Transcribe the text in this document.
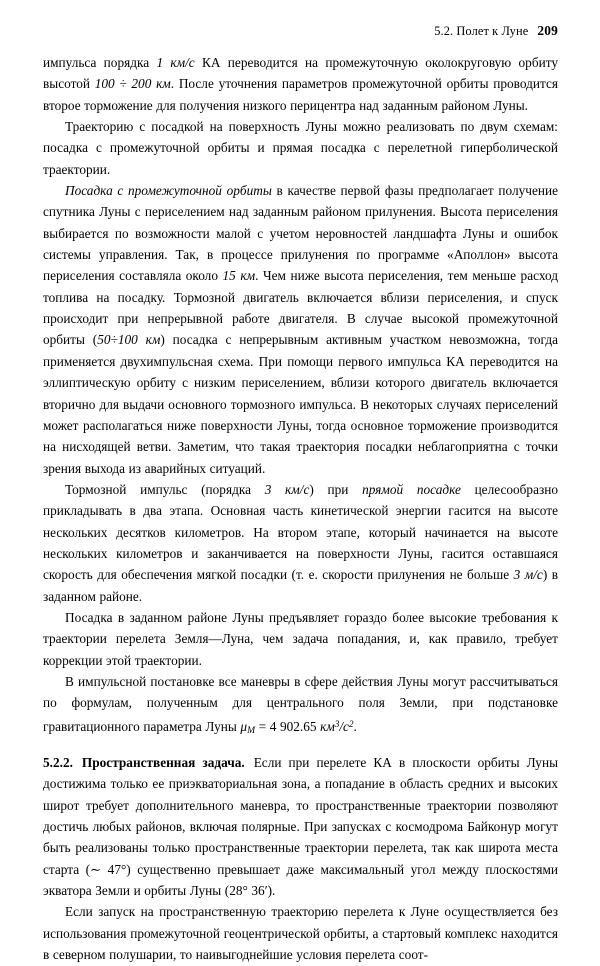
5.2. Полет к Луне 209

импульса порядка 1 км/с КА переводится на промежуточную околокруговую орбиту высотой 100 ÷ 200 км. После уточнения параметров промежуточной орбиты проводится второе торможение для получения низкого перицентра над заданным районом Луны.

Траекторию с посадкой на поверхность Луны можно реализовать по двум схемам: посадка с промежуточной орбиты и прямая посадка с перелетной гиперболической траектории.

Посадка с промежуточной орбиты в качестве первой фазы предполагает получение спутника Луны с периселением над заданным районом прилунения. Высота периселения выбирается по возможности малой с учетом неровностей ландшафта Луны и ошибок системы управления. Так, в процессе прилунения по программе «Аполлон» высота периселения составляла около 15 км. Чем ниже высота периселения, тем меньше расход топлива на посадку. Тормозной двигатель включается вблизи периселения, и спуск происходит при непрерывной работе двигателя. В случае высокой промежуточной орбиты (50÷100 км) посадка с непрерывным активным участком невозможна, тогда применяется двухимпульсная схема. При помощи первого импульса КА переводится на эллиптическую орбиту с низким периселением, вблизи которого двигатель включается вторично для выдачи основного тормозного импульса. В некоторых случаях периселений может располагаться ниже поверхности Луны, тогда основное торможение производится на нисходящей ветви. Заметим, что такая траектория посадки неблагоприятна с точки зрения выхода из аварийных ситуаций.

Тормозной импульс (порядка 3 км/с) при прямой посадке целесообразно прикладывать в два этапа. Основная часть кинетической энергии гасится на высоте нескольких десятков километров. На втором этапе, который начинается на высоте нескольких километров и заканчивается на поверхности Луны, гасится оставшаяся скорость для обеспечения мягкой посадки (т. е. скорости прилунения не больше 3 м/с) в заданном районе.

Посадка в заданном районе Луны предъявляет гораздо более высокие требования к траектории перелета Земля—Луна, чем задача попадания, и, как правило, требует коррекции этой траектории.

В импульсной постановке все маневры в сфере действия Луны могут рассчитываться по формулам, полученным для центрального поля Земли, при подстановке гравитационного параметра Луны $\mu_M = 4$ 902.65 $км^3/с^2$.

5.2.2. Пространственная задача. Если при перелете КА в плоскости орбиты Луны достижима только ее приэкваториальная зона, а попадание в область средних и высоких широт требует дополнительного маневра, то пространственные траектории позволяют достичь любых районов, включая полярные. При запусках с космодрома Байконур могут быть реализованы только пространственные траектории перелета, так как широта места старта (∼ 47°) существенно превышает даже максимальный угол между плоскостями экватора Земли и орбиты Луны (28° 36′).

Если запуск на пространственную траекторию перелета к Луне осуществляется без использования промежуточной геоцентрической орбиты, а стартовый комплекс находится в северном полушарии, то наивыгоднейшие условия перелета соот-
